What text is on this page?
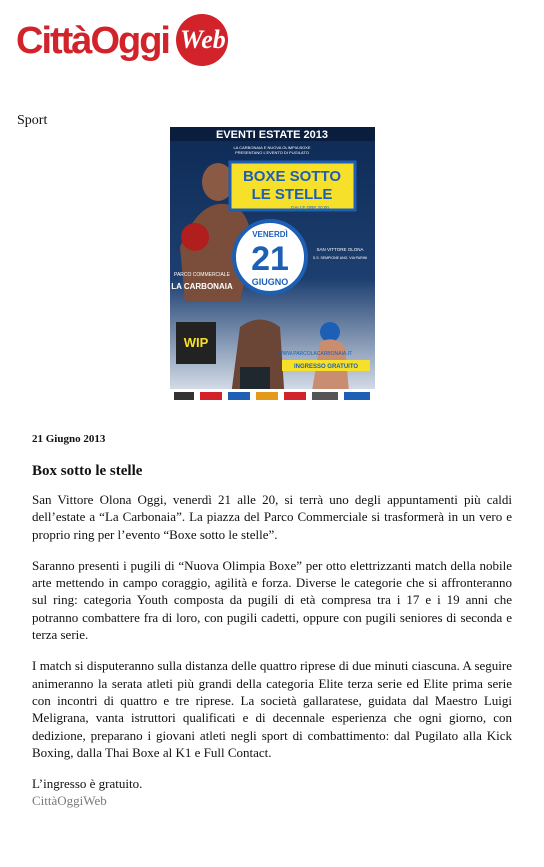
CittàOggi Web
Sport
EVENTI ESTATE 2013
LA CARBONAIA E NUOVA OLIMPIA BOXE
PRESENTANO L'EVENTO DI PUGILATO
BOXE SOTTO
LE STELLE
DALLE ORE 20:00
VENERDÌ
21
GIUGNO
PARCO COMMERCIALE
LA CARBONAIA
SAN VITTORE OLONA
S.S. SEMPIONE ANG. VIA PARINI
WIP
WWW.PARCOLACARBONAIA.IT
INGRESSO GRATUITO
21 Giugno 2013
Box sotto le stelle

San Vittore Olona Oggi, venerdì 21 alle 20, si terrà uno degli appuntamenti più caldi dell’estate a “La Carbonaia”. La piazza del Parco Commerciale si trasformerà in un vero e proprio ring per l’evento “Boxe sotto le stelle”.

Saranno presenti i pugili di “Nuova Olimpia Boxe” per otto elettrizzanti match della nobile arte mettendo in campo coraggio, agilità e forza. Diverse le categorie che si affronteranno sul ring: categoria Youth composta da pugili di età compresa tra i 17 e i 19 anni che potranno combattere fra di loro, con pugili cadetti, oppure con pugili seniores di seconda e terza serie.

I match si disputeranno sulla distanza delle quattro riprese di due minuti ciascuna. A seguire animeranno la serata atleti più grandi della categoria Elite terza serie ed Elite prima serie con incontri di quattro e tre riprese. La società gallaratese, guidata dal Maestro Luigi Meligrana, vanta istruttori qualificati e di decennale esperienza che ogni giorno, con dedizione, preparano i giovani atleti negli sport di combattimento: dal Pugilato alla Kick Boxing, dalla Thai Boxe al K1 e Full Contact.

L’ingresso è gratuito.

CittàOggiWeb
